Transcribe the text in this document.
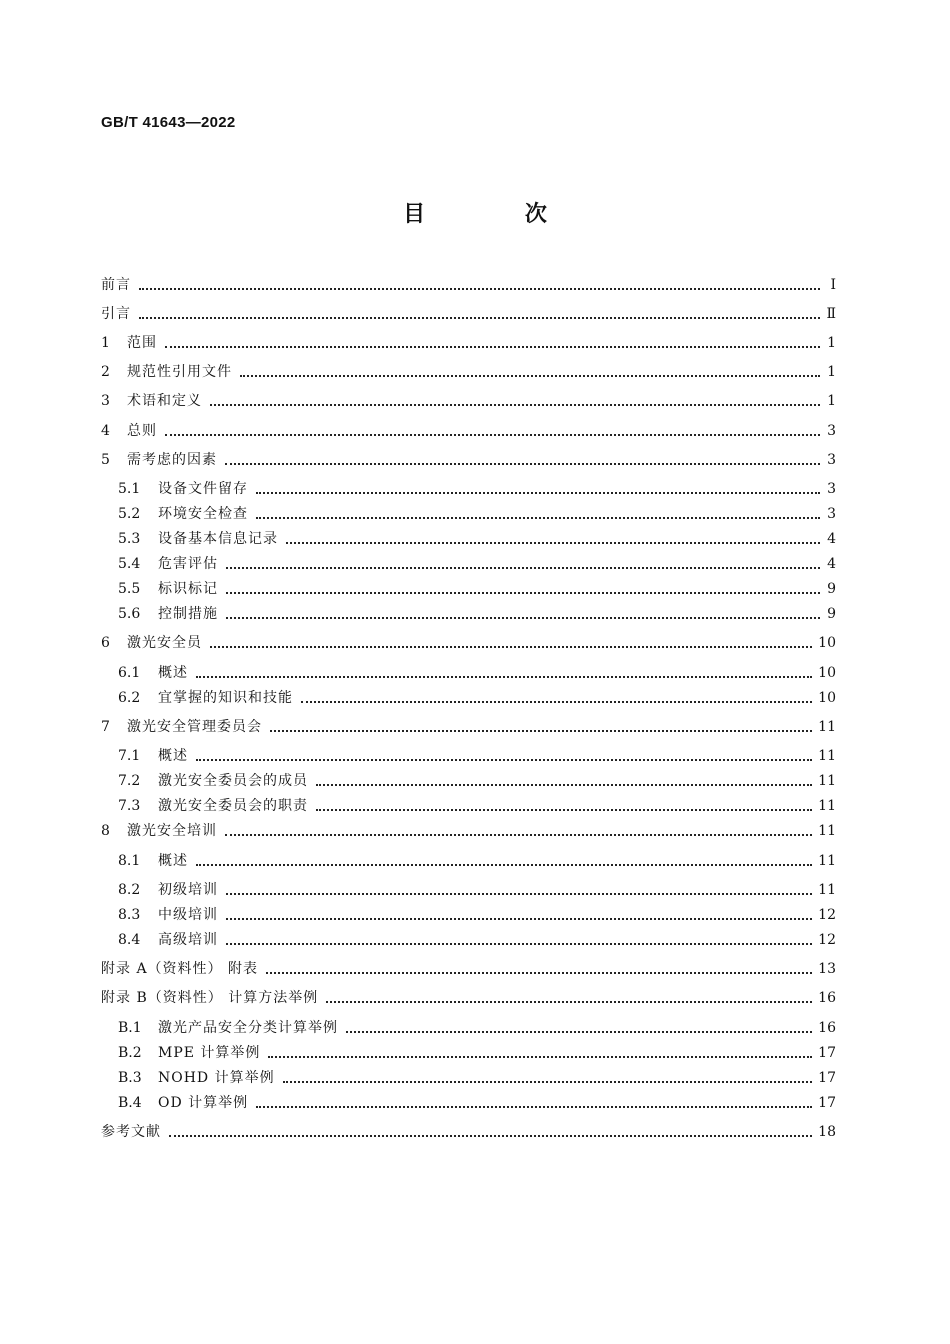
GB/T 41643—2022
目 次
前言	Ⅰ
引言	Ⅱ
1	范围	1
2	规范性引用文件	1
3	术语和定义	1
4	总则	3
5	需考虑的因素	3
5.1	设备文件留存	3
5.2	环境安全检查	3
5.3	设备基本信息记录	4
5.4	危害评估	4
5.5	标识标记	9
5.6	控制措施	9
6	激光安全员	10
6.1	概述	10
6.2	宜掌握的知识和技能	10
7	激光安全管理委员会	11
7.1	概述	11
7.2	激光安全委员会的成员	11
7.3	激光安全委员会的职责	11
8	激光安全培训	11
8.1	概述	11
8.2	初级培训	11
8.3	中级培训	12
8.4	高级培训	12
附录 A（资料性） 附表	13
附录 B（资料性） 计算方法举例	16
B.1	激光产品安全分类计算举例	16
B.2	MPE 计算举例	17
B.3	NOHD 计算举例	17
B.4	OD 计算举例	17
参考文献	18
